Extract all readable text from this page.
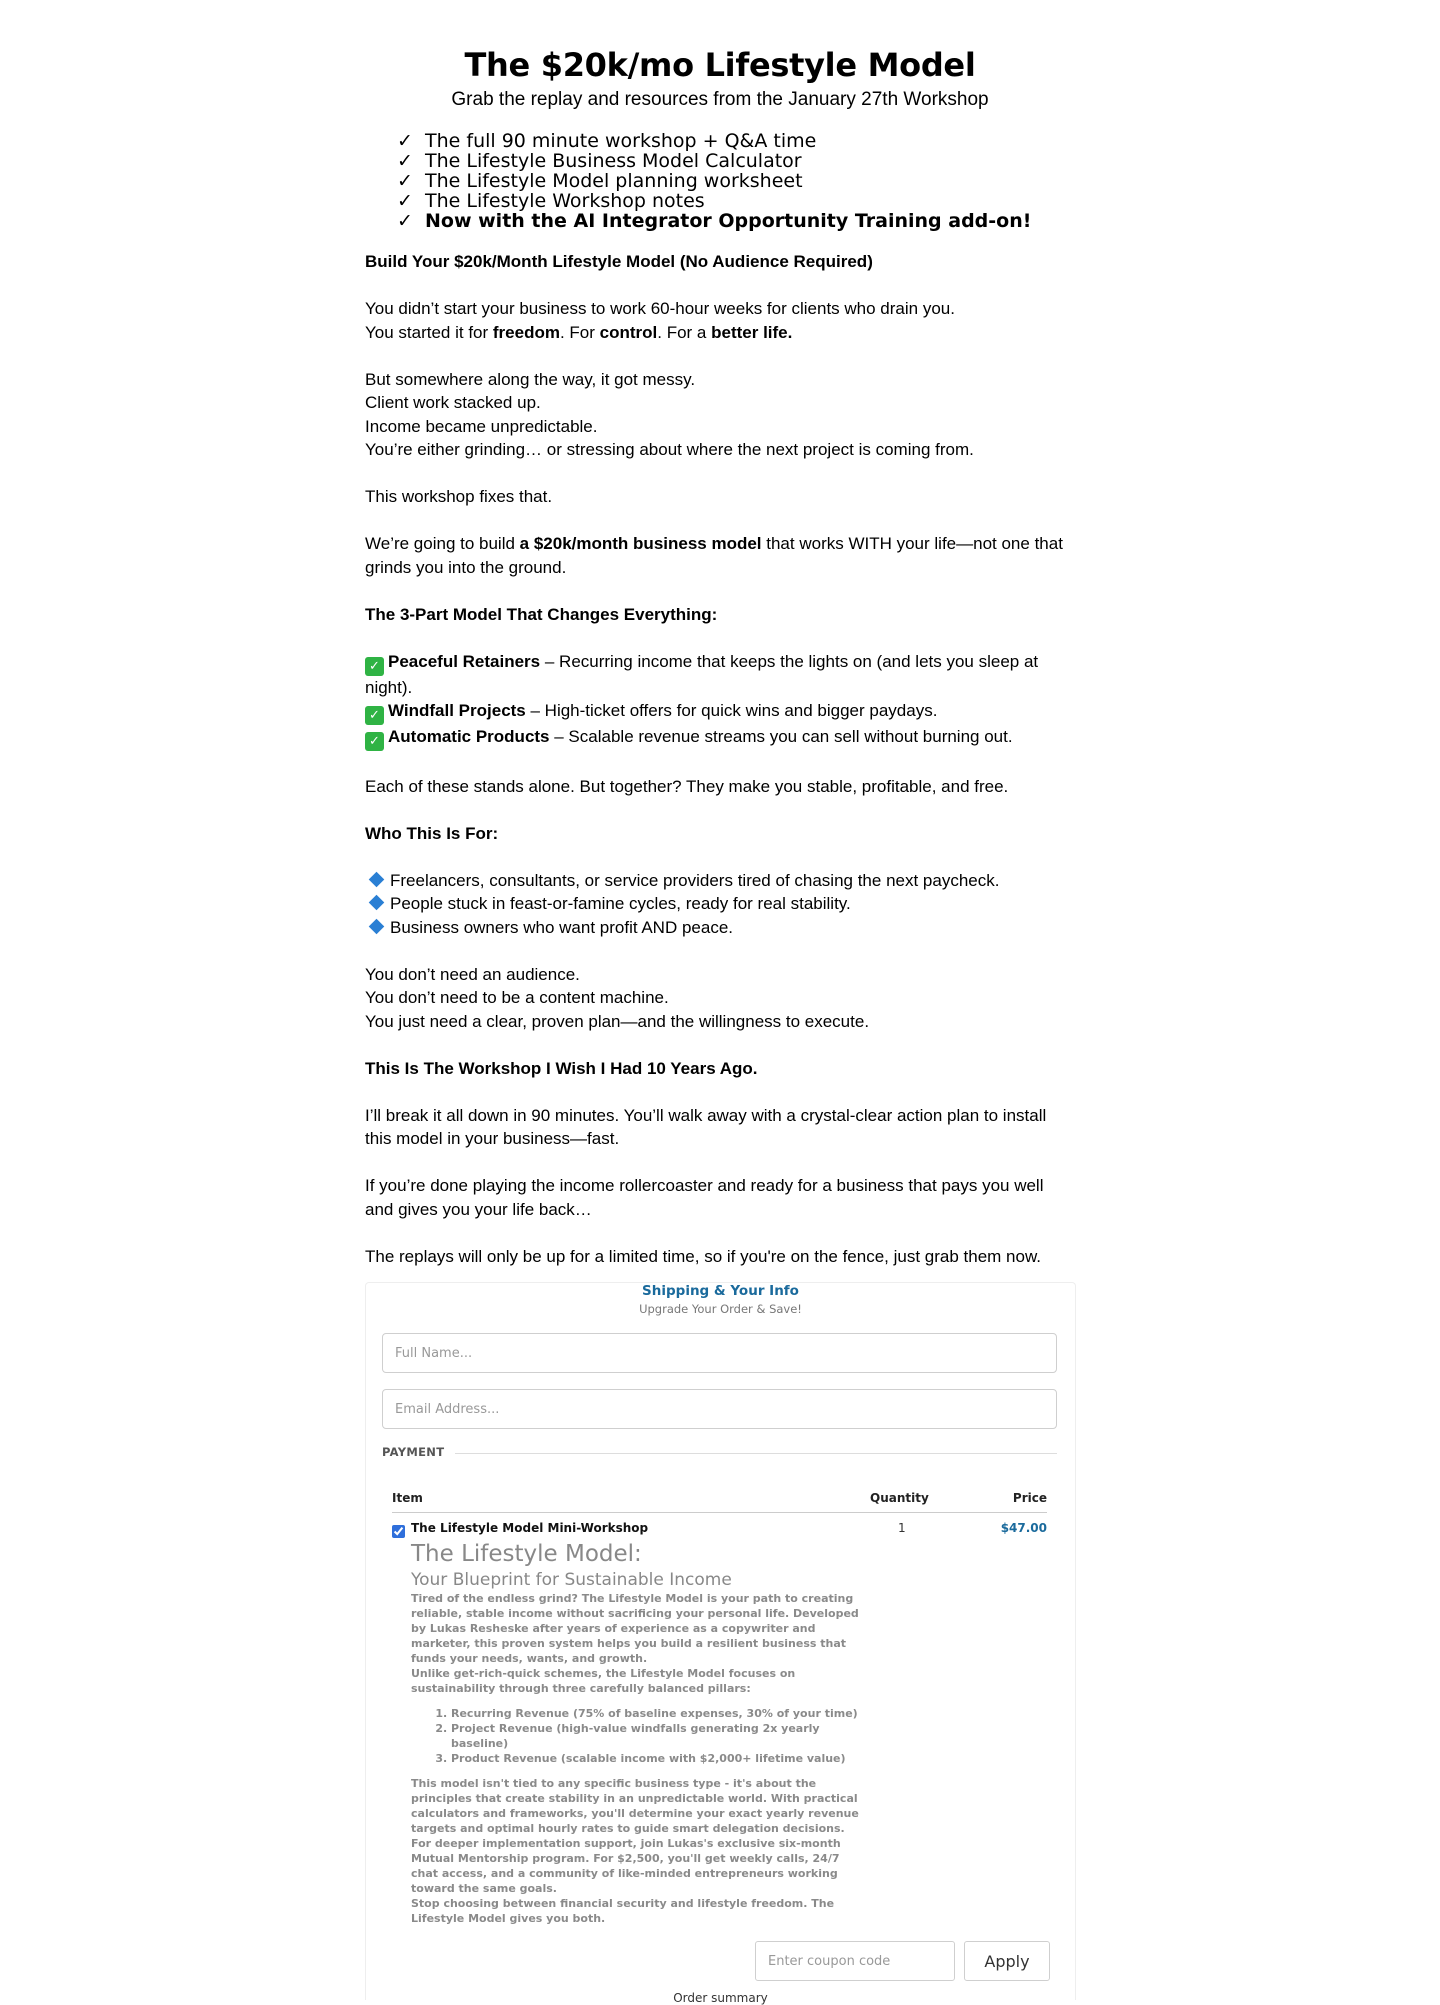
The $20k/mo Lifestyle Model
Grab the replay and resources from the January 27th Workshop
✓ The full 90 minute workshop + Q&A time
✓ The Lifestyle Business Model Calculator
✓ The Lifestyle Model planning worksheet
✓ The Lifestyle Workshop notes
✓ Now with the AI Integrator Opportunity Training add-on!

Build Your $20k/Month Lifestyle Model (No Audience Required)

You didn’t start your business to work 60-hour weeks for clients who drain you.
You started it for freedom. For control. For a better life.

But somewhere along the way, it got messy.
Client work stacked up.
Income became unpredictable.
You’re either grinding… or stressing about where the next project is coming from.

This workshop fixes that.

We’re going to build a $20k/month business model that works WITH your life—not one that grinds you into the ground.

The 3-Part Model That Changes Everything:

✓ Peaceful Retainers – Recurring income that keeps the lights on (and lets you sleep at night).
✓ Windfall Projects – High-ticket offers for quick wins and bigger paydays.
✓ Automatic Products – Scalable revenue streams you can sell without burning out.

Each of these stands alone. But together? They make you stable, profitable, and free.

Who This Is For:

Freelancers, consultants, or service providers tired of chasing the next paycheck.
People stuck in feast-or-famine cycles, ready for real stability.
Business owners who want profit AND peace.

You don’t need an audience.
You don’t need to be a content machine.
You just need a clear, proven plan—and the willingness to execute.

This Is The Workshop I Wish I Had 10 Years Ago.

I’ll break it all down in 90 minutes. You’ll walk away with a crystal-clear action plan to install this model in your business—fast.

If you’re done playing the income rollercoaster and ready for a business that pays you well and gives you your life back…

The replays will only be up for a limited time, so if you're on the fence, just grab them now.

Shipping & Your Info
Upgrade Your Order & Save!
Full Name...
Email Address...
PAYMENT
Item	Quantity	Price
The Lifestyle Model Mini-Workshop	1	$47.00
The Lifestyle Model:
Your Blueprint for Sustainable Income

Tired of the endless grind? The Lifestyle Model is your path to creating reliable, stable income without sacrificing your personal life. Developed by Lukas Resheske after years of experience as a copywriter and marketer, this proven system helps you build a resilient business that funds your needs, wants, and growth.

Unlike get-rich-quick schemes, the Lifestyle Model focuses on sustainability through three carefully balanced pillars:

1. Recurring Revenue (75% of baseline expenses, 30% of your time)
2. Project Revenue (high-value windfalls generating 2x yearly baseline)
3. Product Revenue (scalable income with $2,000+ lifetime value)

This model isn't tied to any specific business type - it's about the principles that create stability in an unpredictable world. With practical calculators and frameworks, you'll determine your exact yearly revenue targets and optimal hourly rates to guide smart delegation decisions.

For deeper implementation support, join Lukas's exclusive six-month Mutual Mentorship program. For $2,500, you'll get weekly calls, 24/7 chat access, and a community of like-minded entrepreneurs working toward the same goals.

Stop choosing between financial security and lifestyle freedom. The Lifestyle Model gives you both.

Enter coupon code
Apply
Order summary
